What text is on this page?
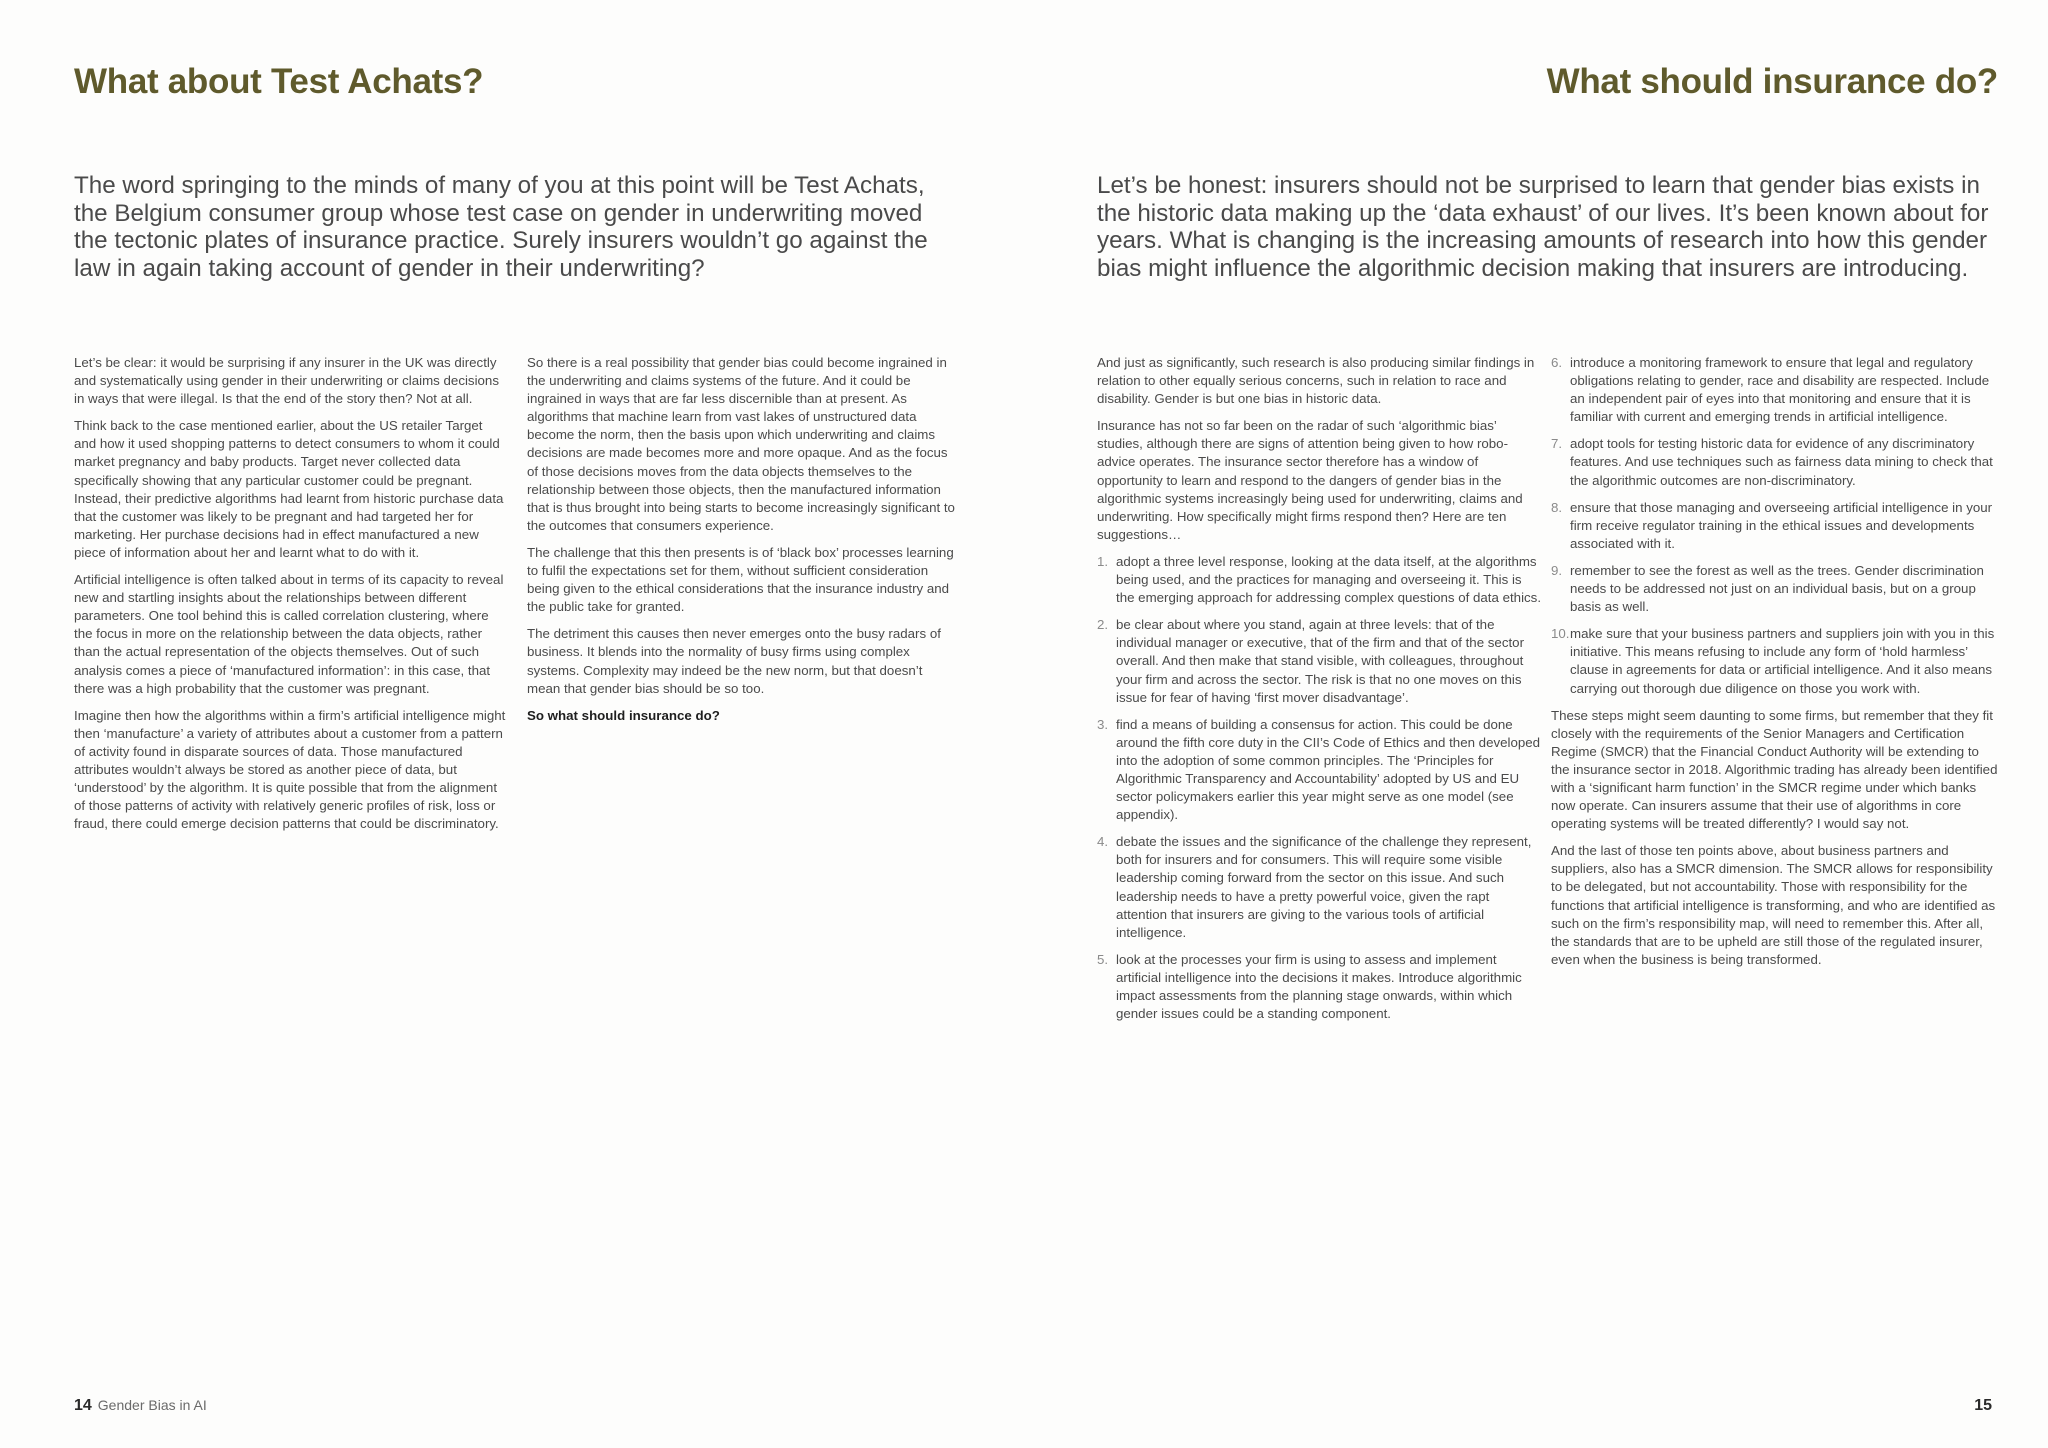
What about Test Achats?

The word springing to the minds of many of you at this point will be Test Achats, the Belgium consumer group whose test case on gender in underwriting moved the tectonic plates of insurance practice. Surely insurers wouldn’t go against the law in again taking account of gender in their underwriting?

Let’s be clear: it would be surprising if any insurer in the UK was directly and systematically using gender in their underwriting or claims decisions in ways that were illegal. Is that the end of the story then? Not at all.

Think back to the case mentioned earlier, about the US retailer Target and how it used shopping patterns to detect consumers to whom it could market pregnancy and baby products. Target never collected data specifically showing that any particular customer could be pregnant. Instead, their predictive algorithms had learnt from historic purchase data that the customer was likely to be pregnant and had targeted her for marketing. Her purchase decisions had in effect manufactured a new piece of information about her and learnt what to do with it.

Artificial intelligence is often talked about in terms of its capacity to reveal new and startling insights about the relationships between different parameters. One tool behind this is called correlation clustering, where the focus in more on the relationship between the data objects, rather than the actual representation of the objects themselves. Out of such analysis comes a piece of ‘manufactured information’: in this case, that there was a high probability that the customer was pregnant.

Imagine then how the algorithms within a firm’s artificial intelligence might then ‘manufacture’ a variety of attributes about a customer from a pattern of activity found in disparate sources of data. Those manufactured attributes wouldn’t always be stored as another piece of data, but ‘understood’ by the algorithm. It is quite possible that from the alignment of those patterns of activity with relatively generic profiles of risk, loss or fraud, there could emerge decision patterns that could be discriminatory.

So there is a real possibility that gender bias could become ingrained in the underwriting and claims systems of the future. And it could be ingrained in ways that are far less discernible than at present. As algorithms that machine learn from vast lakes of unstructured data become the norm, then the basis upon which underwriting and claims decisions are made becomes more and more opaque. And as the focus of those decisions moves from the data objects themselves to the relationship between those objects, then the manufactured information that is thus brought into being starts to become increasingly significant to the outcomes that consumers experience.

The challenge that this then presents is of ‘black box’ processes learning to fulfil the expectations set for them, without sufficient consideration being given to the ethical considerations that the insurance industry and the public take for granted.

The detriment this causes then never emerges onto the busy radars of business. It blends into the normality of busy firms using complex systems. Complexity may indeed be the new norm, but that doesn’t mean that gender bias should be so too.

So what should insurance do?

14 Gender Bias in AI
What should insurance do?

Let’s be honest: insurers should not be surprised to learn that gender bias exists in the historic data making up the ‘data exhaust’ of our lives. It’s been known about for years. What is changing is the increasing amounts of research into how this gender bias might influence the algorithmic decision making that insurers are introducing.

And just as significantly, such research is also producing similar findings in relation to other equally serious concerns, such in relation to race and disability. Gender is but one bias in historic data.

Insurance has not so far been on the radar of such ‘algorithmic bias’ studies, although there are signs of attention being given to how robo-advice operates. The insurance sector therefore has a window of opportunity to learn and respond to the dangers of gender bias in the algorithmic systems increasingly being used for underwriting, claims and underwriting. How specifically might firms respond then? Here are ten suggestions…

1. adopt a three level response, looking at the data itself, at the algorithms being used, and the practices for managing and overseeing it. This is the emerging approach for addressing complex questions of data ethics.
2. be clear about where you stand, again at three levels: that of the individual manager or executive, that of the firm and that of the sector overall. And then make that stand visible, with colleagues, throughout your firm and across the sector. The risk is that no one moves on this issue for fear of having ‘first mover disadvantage’.
3. find a means of building a consensus for action. This could be done around the fifth core duty in the CII’s Code of Ethics and then developed into the adoption of some common principles. The ‘Principles for Algorithmic Transparency and Accountability’ adopted by US and EU sector policymakers earlier this year might serve as one model (see appendix).
4. debate the issues and the significance of the challenge they represent, both for insurers and for consumers. This will require some visible leadership coming forward from the sector on this issue. And such leadership needs to have a pretty powerful voice, given the rapt attention that insurers are giving to the various tools of artificial intelligence.
5. look at the processes your firm is using to assess and implement artificial intelligence into the decisions it makes. Introduce algorithmic impact assessments from the planning stage onwards, within which gender issues could be a standing component.
6. introduce a monitoring framework to ensure that legal and regulatory obligations relating to gender, race and disability are respected. Include an independent pair of eyes into that monitoring and ensure that it is familiar with current and emerging trends in artificial intelligence.
7. adopt tools for testing historic data for evidence of any discriminatory features. And use techniques such as fairness data mining to check that the algorithmic outcomes are non-discriminatory.
8. ensure that those managing and overseeing artificial intelligence in your firm receive regulator training in the ethical issues and developments associated with it.
9. remember to see the forest as well as the trees. Gender discrimination needs to be addressed not just on an individual basis, but on a group basis as well.
10. make sure that your business partners and suppliers join with you in this initiative. This means refusing to include any form of ‘hold harmless’ clause in agreements for data or artificial intelligence. And it also means carrying out thorough due diligence on those you work with.

These steps might seem daunting to some firms, but remember that they fit closely with the requirements of the Senior Managers and Certification Regime (SMCR) that the Financial Conduct Authority will be extending to the insurance sector in 2018. Algorithmic trading has already been identified with a ‘significant harm function’ in the SMCR regime under which banks now operate. Can insurers assume that their use of algorithms in core operating systems will be treated differently? I would say not.

And the last of those ten points above, about business partners and suppliers, also has a SMCR dimension. The SMCR allows for responsibility to be delegated, but not accountability. Those with responsibility for the functions that artificial intelligence is transforming, and who are identified as such on the firm’s responsibility map, will need to remember this. After all, the standards that are to be upheld are still those of the regulated insurer, even when the business is being transformed.

15
